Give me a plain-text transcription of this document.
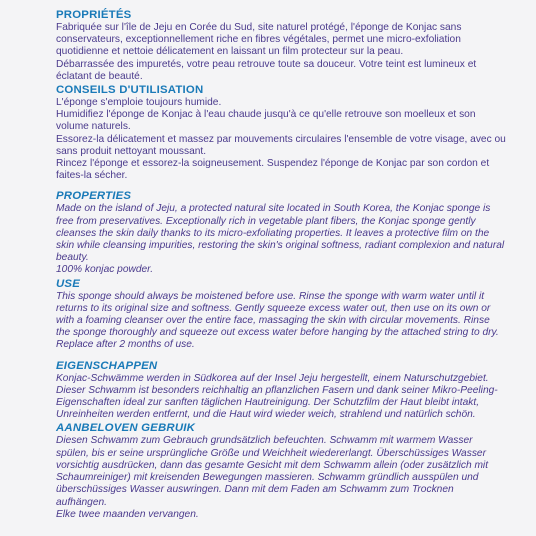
PROPRIÉTÉS

Fabriquée sur l'île de Jeju en Corée du Sud, site naturel protégé, l'éponge de Konjac sans conservateurs, exceptionnellement riche en fibres végétales, permet une micro-exfoliation quotidienne et nettoie délicatement en laissant un film protecteur sur la peau.

Débarrassée des impuretés, votre peau retrouve toute sa douceur. Votre teint est lumineux et éclatant de beauté.

CONSEILS D'UTILISATION

L'éponge s'emploie toujours humide.

Humidifiez l'éponge de Konjac à l'eau chaude jusqu'à ce qu'elle retrouve son moelleux et son volume naturels.

Essorez-la délicatement et massez par mouvements circulaires l'ensemble de votre visage, avec ou sans produit nettoyant moussant.

Rincez l'éponge et essorez-la soigneusement. Suspendez l'éponge de Konjac par son cordon et faites-la sécher.

PROPERTIES

Made on the island of Jeju, a protected natural site located in South Korea, the Konjac sponge is free from preservatives. Exceptionally rich in vegetable plant fibers, the Konjac sponge gently cleanses the skin daily thanks to its micro-exfoliating properties. It leaves a protective film on the skin while cleansing impurities, restoring the skin's original softness, radiant complexion and natural beauty.

100% konjac powder.

USE

This sponge should always be moistened before use. Rinse the sponge with warm water until it returns to its original size and softness. Gently squeeze excess water out, then use on its own or with a foaming cleanser over the entire face, massaging the skin with circular movements. Rinse the sponge thoroughly and squeeze out excess water before hanging by the attached string to dry.

Replace after 2 months of use.

EIGENSCHAPPEN

Konjac-Schwämme werden in Südkorea auf der Insel Jeju hergestellt, einem Naturschutzgebiet. Dieser Schwamm ist besonders reichhaltig an pflanzlichen Fasern und dank seiner Mikro-Peeling-Eigenschaften ideal zur sanften täglichen Hautreinigung. Der Schutzfilm der Haut bleibt intakt, Unreinheiten werden entfernt, und die Haut wird wieder weich, strahlend und natürlich schön.

AANBELOVEN GEBRUIK

Diesen Schwamm zum Gebrauch grundsätzlich befeuchten. Schwamm mit warmem Wasser spülen, bis er seine ursprüngliche Größe und Weichheit wiedererlangt. Überschüssiges Wasser vorsichtig ausdrücken, dann das gesamte Gesicht mit dem Schwamm allein (oder zusätzlich mit Schaumreiniger) mit kreisenden Bewegungen massieren. Schwamm gründlich ausspülen und überschüssiges Wasser auswringen. Dann mit dem Faden am Schwamm zum Trocknen aufhängen.

Elke twee maanden vervangen.
